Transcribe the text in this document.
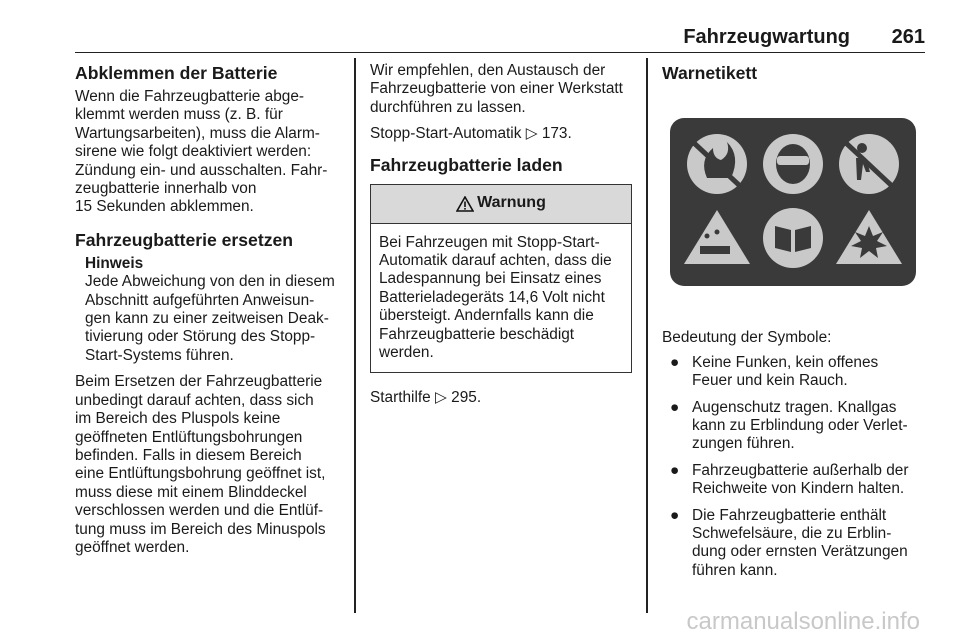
Fahrzeugwartung 261
Abklemmen der Batterie

Wenn die Fahrzeugbatterie abge-
klemmt werden muss (z. B. für
Wartungsarbeiten), muss die Alarm-
sirene wie folgt deaktiviert werden:
Zündung ein- und ausschalten. Fahr-
zeugbatterie innerhalb von
15 Sekunden abklemmen.

Fahrzeugbatterie ersetzen
Hinweis
Jede Abweichung von den in diesem
Abschnitt aufgeführten Anweisun-
gen kann zu einer zeitweisen Deak-
tivierung oder Störung des Stopp-
Start-Systems führen.

Beim Ersetzen der Fahrzeugbatterie
unbedingt darauf achten, dass sich
im Bereich des Pluspols keine
geöffneten Entlüftungsbohrungen
befinden. Falls in diesem Bereich
eine Entlüftungsbohrung geöffnet ist,
muss diese mit einem Blinddeckel
verschlossen werden und die Entlüf-
tung muss im Bereich des Minuspols
geöffnet werden.

Wir empfehlen, den Austausch der
Fahrzeugbatterie von einer Werkstatt
durchführen zu lassen.

Stopp-Start-Automatik ▷ 173.

Fahrzeugbatterie laden
Warnung
Bei Fahrzeugen mit Stopp-Start-
Automatik darauf achten, dass die
Ladespannung bei Einsatz eines
Batterieladegeräts 14,6 Volt nicht
übersteigt. Andernfalls kann die
Fahrzeugbatterie beschädigt
werden.

Starthilfe ▷ 295.

Warnetikett

Bedeutung der Symbole:

● Keine Funken, kein offenes
Feuer und kein Rauch.
● Augenschutz tragen. Knallgas
kann zu Erblindung oder Verlet-
zungen führen.
● Fahrzeugbatterie außerhalb der
Reichweite von Kindern halten.
● Die Fahrzeugbatterie enthält
Schwefelsäure, die zu Erblin-
dung oder ernsten Verätzungen
führen kann.
carmanualsonline.info
